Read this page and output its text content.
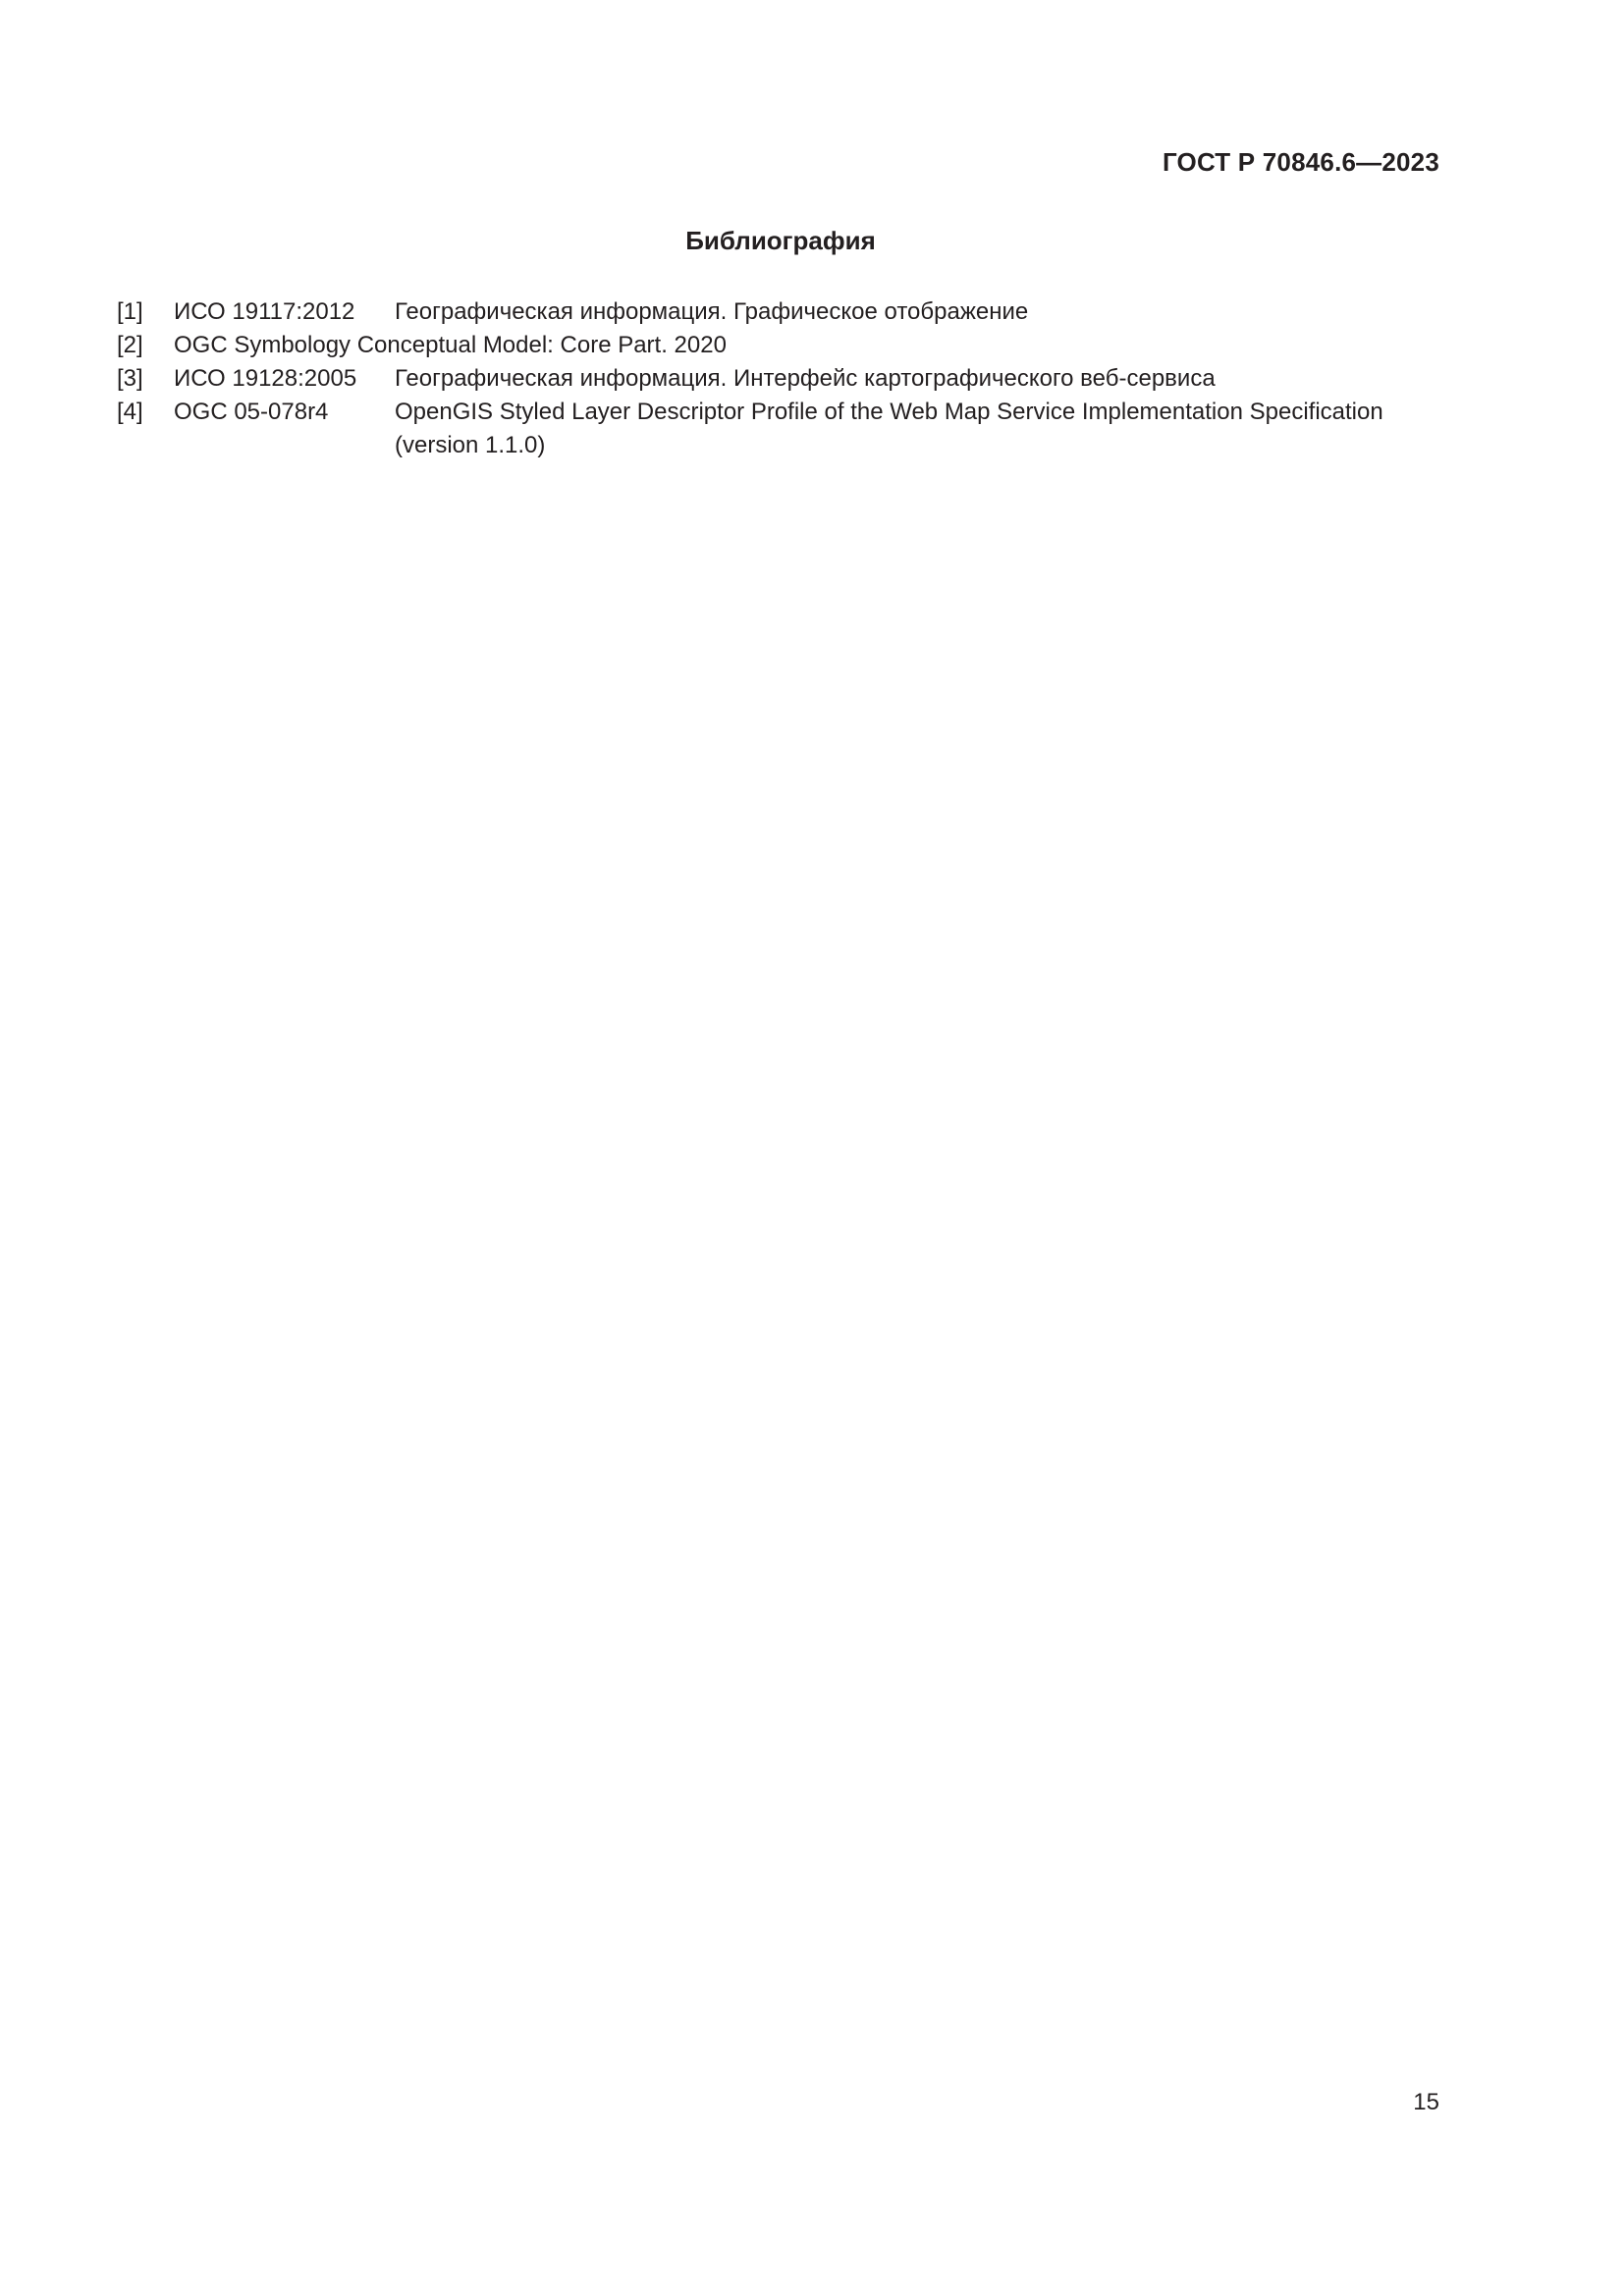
ГОСТ Р 70846.6—2023
Библиография
[1] ИСО 19117:2012 Географическая информация. Графическое отображение
[2] OGC Symbology Conceptual Model: Core Part. 2020
[3] ИСО 19128:2005 Географическая информация. Интерфейс картографического веб-сервиса
[4] OGC 05-078r4	OpenGIS Styled Layer Descriptor Profile of the Web Map Service Implementation Specification (version 1.1.0)
15
